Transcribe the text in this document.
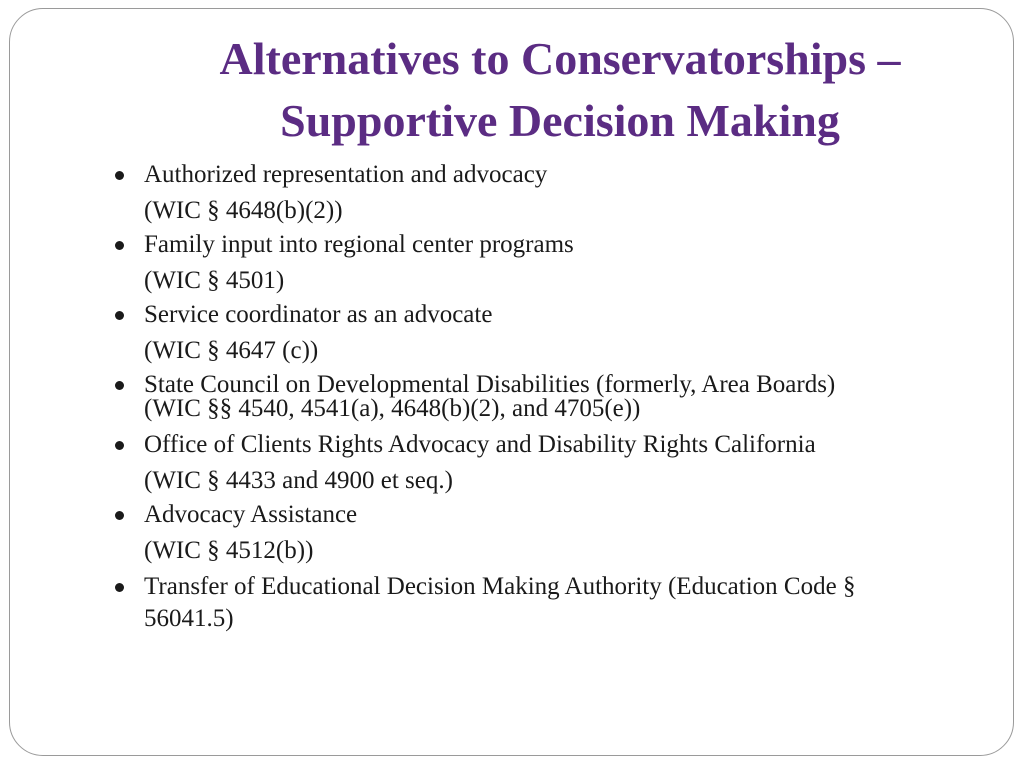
Alternatives to Conservatorships –
Supportive Decision Making
Authorized representation and advocacy
(WIC § 4648(b)(2))
Family input into regional center programs
(WIC § 4501)
Service coordinator as an advocate
(WIC § 4647 (c))
State Council on Developmental Disabilities (formerly, Area Boards)
(WIC §§ 4540, 4541(a), 4648(b)(2), and 4705(e))
Office of Clients Rights Advocacy and Disability Rights California
(WIC § 4433 and 4900 et seq.)
Advocacy Assistance
(WIC § 4512(b))
Transfer of Educational Decision Making Authority (Education Code §
56041.5)
